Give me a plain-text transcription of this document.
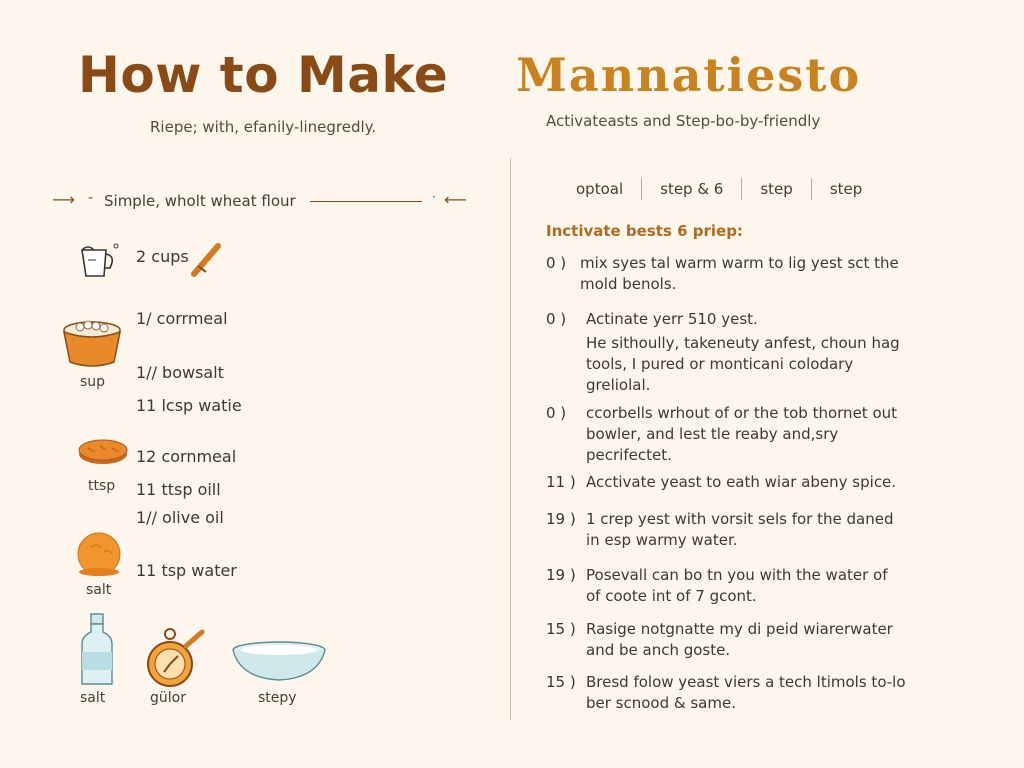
How to Make Mannatiesto
Riepe; with, efanily-linegredly.	Activateasts and Step-bo-by-friendly
⟶ - Simple, wholt wheat flour	· ⟵
sup
ttsp
salt
salt	gülor	stepy
2 cups
1/ corrmeal
1// bowsalt
11 lcsp watie
12 cornmeal
11 ttsp oill
1// olive oil
11 tsp water
optoal step & 6 step step
Inctivate bests 6 priep:
0 ) mix syes tal warm warm to lig yest sct the
mold benols.
0 ) Actinate yerr 510 yest.
He sithoully, takeneuty anfest, choun hag
tools, I pured or monticani colodary
greliolal.
0 ) ccorbells wrhout of or the tob thornet out
bowler, and lest tle reaby and,sry
pecrifectet.
11 ) Acctivate yeast to eath wiar abeny spice.
19 ) 1 crep yest with vorsit sels for the daned
in esp warmy water.
19 ) Posevall can bo tn you with the water of
of coote int of 7 gcont.
15 ) Rasige notgnatte my di peid wiarerwater
and be anch goste.
15 ) Bresd folow yeast viers a tech ltimols to-lo
ber scnood & same.
